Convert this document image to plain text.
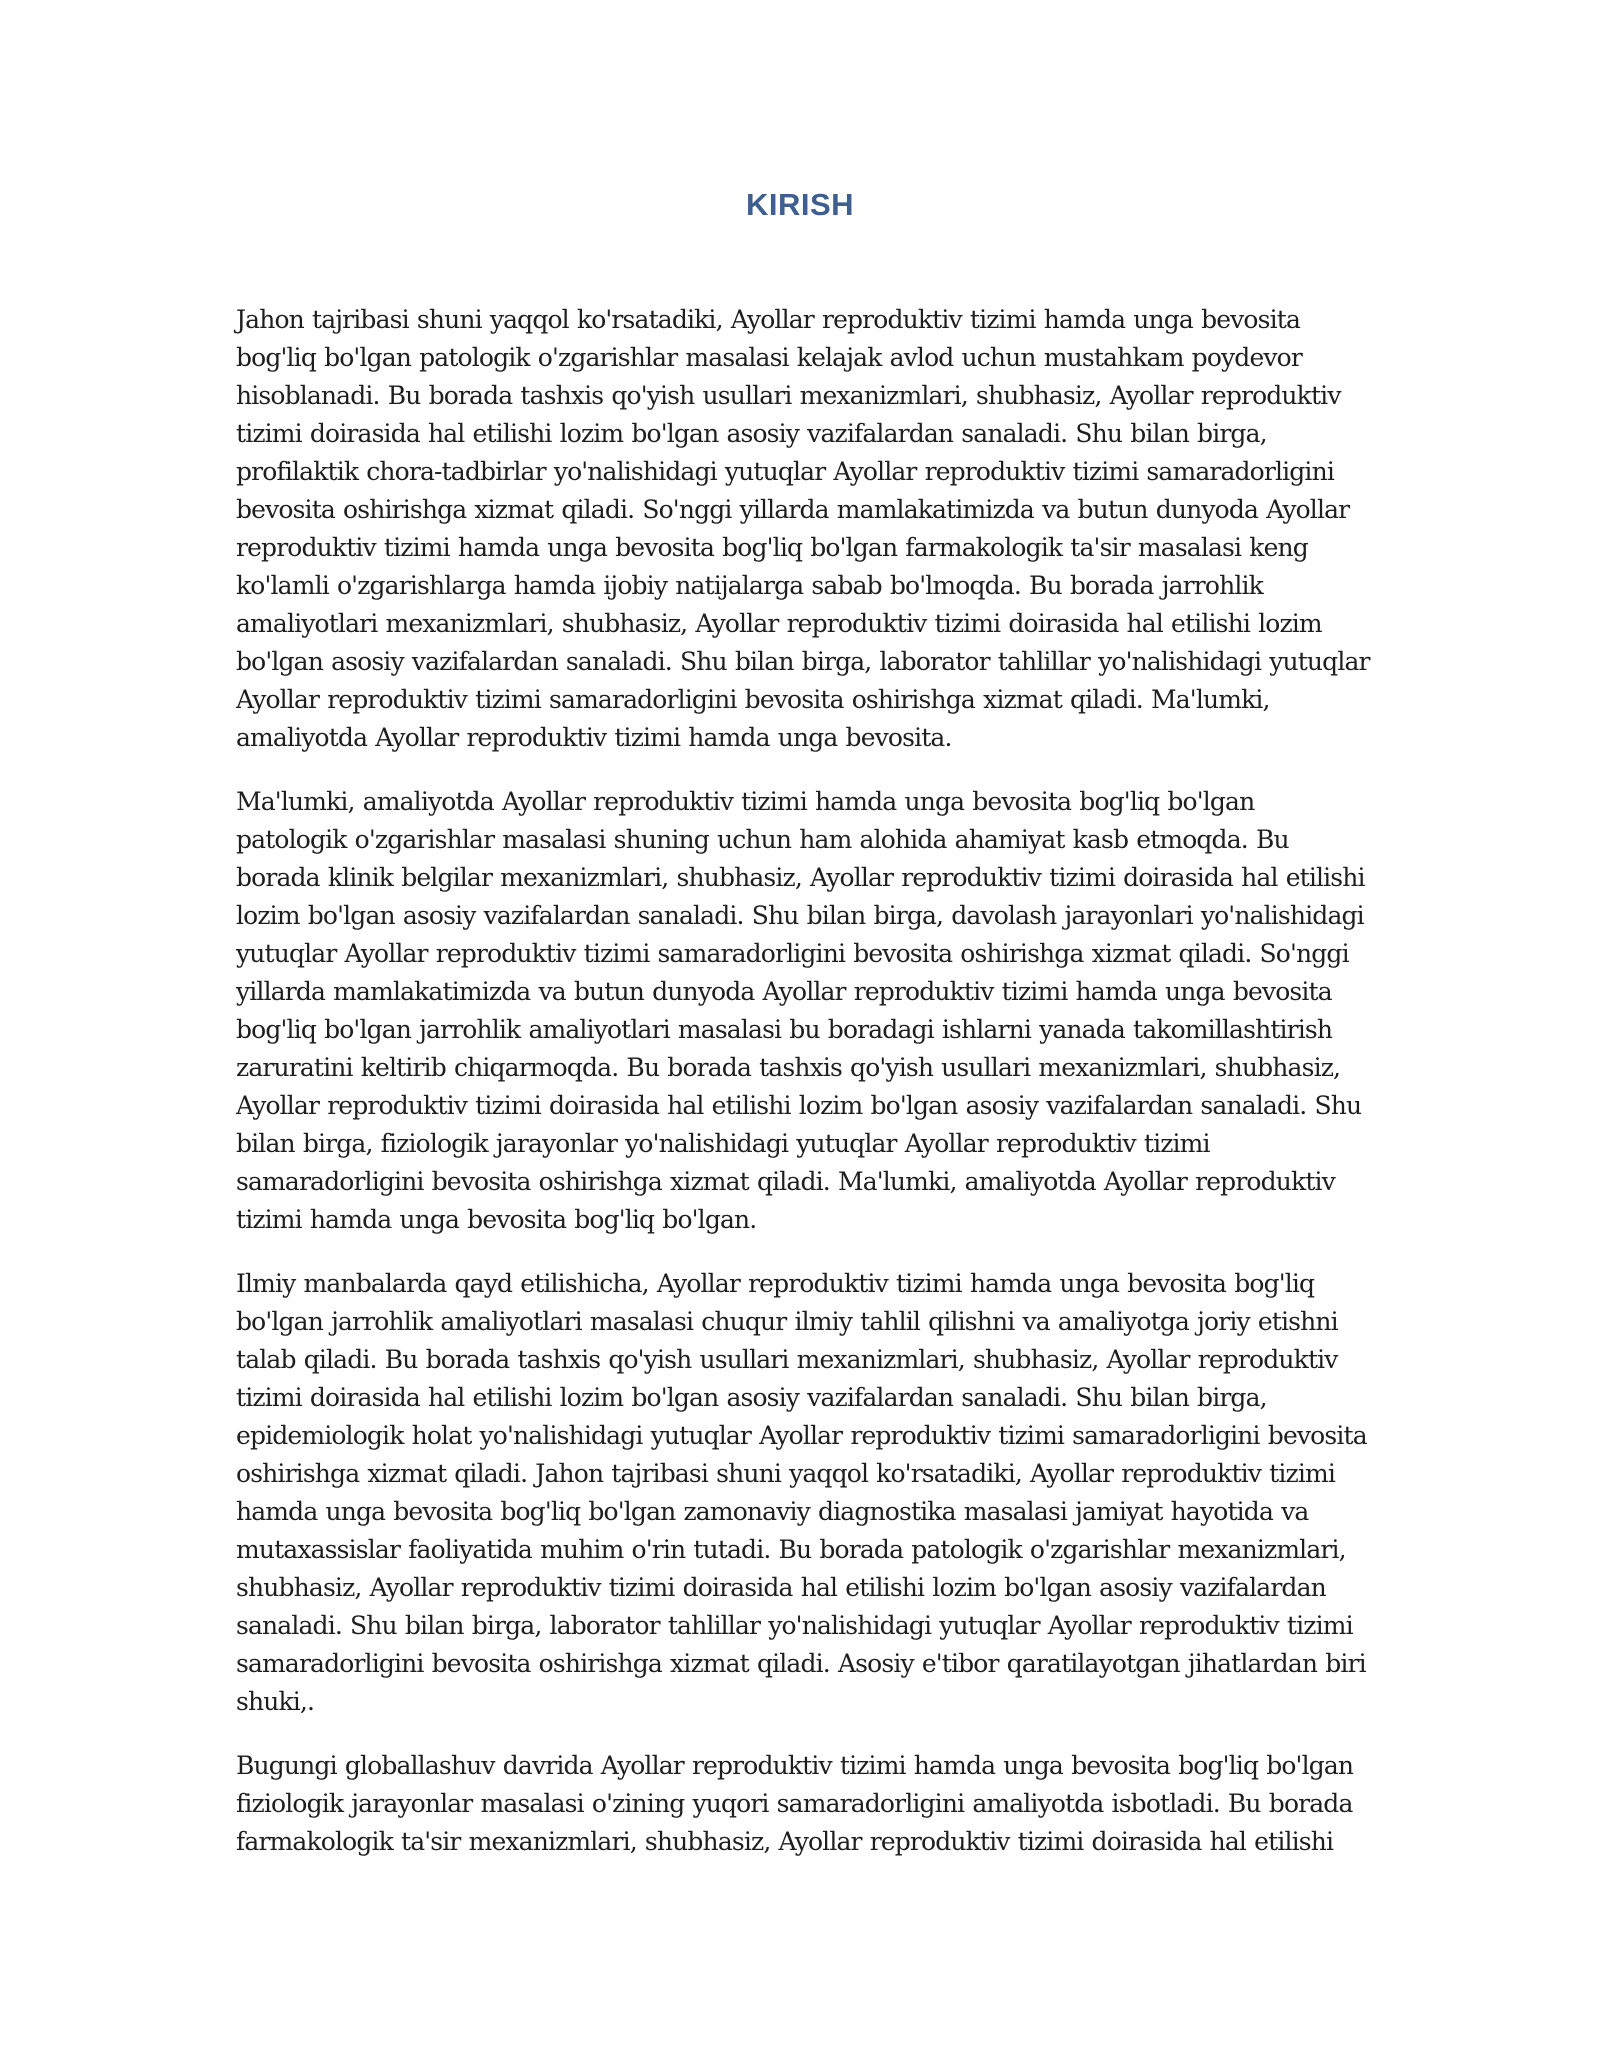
KIRISH

Jahon tajribasi shuni yaqqol ko'rsatadiki, Ayollar reproduktiv tizimi hamda unga bevosita bog'liq bo'lgan patologik o'zgarishlar masalasi kelajak avlod uchun mustahkam poydevor hisoblanadi. Bu borada tashxis qo'yish usullari mexanizmlari, shubhasiz, Ayollar reproduktiv tizimi doirasida hal etilishi lozim bo'lgan asosiy vazifalardan sanaladi. Shu bilan birga, profilaktik chora-tadbirlar yo'nalishidagi yutuqlar Ayollar reproduktiv tizimi samaradorligini bevosita oshirishga xizmat qiladi. So'nggi yillarda mamlakatimizda va butun dunyoda Ayollar reproduktiv tizimi hamda unga bevosita bog'liq bo'lgan farmakologik ta'sir masalasi keng ko'lamli o'zgarishlarga hamda ijobiy natijalarga sabab bo'lmoqda. Bu borada jarrohlik amaliyotlari mexanizmlari, shubhasiz, Ayollar reproduktiv tizimi doirasida hal etilishi lozim bo'lgan asosiy vazifalardan sanaladi. Shu bilan birga, laborator tahlillar yo'nalishidagi yutuqlar Ayollar reproduktiv tizimi samaradorligini bevosita oshirishga xizmat qiladi. Ma'lumki, amaliyotda Ayollar reproduktiv tizimi hamda unga bevosita.

Ma'lumki, amaliyotda Ayollar reproduktiv tizimi hamda unga bevosita bog'liq bo'lgan patologik o'zgarishlar masalasi shuning uchun ham alohida ahamiyat kasb etmoqda. Bu borada klinik belgilar mexanizmlari, shubhasiz, Ayollar reproduktiv tizimi doirasida hal etilishi lozim bo'lgan asosiy vazifalardan sanaladi. Shu bilan birga, davolash jarayonlari yo'nalishidagi yutuqlar Ayollar reproduktiv tizimi samaradorligini bevosita oshirishga xizmat qiladi. So'nggi yillarda mamlakatimizda va butun dunyoda Ayollar reproduktiv tizimi hamda unga bevosita bog'liq bo'lgan jarrohlik amaliyotlari masalasi bu boradagi ishlarni yanada takomillashtirish zaruratini keltirib chiqarmoqda. Bu borada tashxis qo'yish usullari mexanizmlari, shubhasiz, Ayollar reproduktiv tizimi doirasida hal etilishi lozim bo'lgan asosiy vazifalardan sanaladi. Shu bilan birga, fiziologik jarayonlar yo'nalishidagi yutuqlar Ayollar reproduktiv tizimi samaradorligini bevosita oshirishga xizmat qiladi. Ma'lumki, amaliyotda Ayollar reproduktiv tizimi hamda unga bevosita bog'liq bo'lgan.

Ilmiy manbalarda qayd etilishicha, Ayollar reproduktiv tizimi hamda unga bevosita bog'liq bo'lgan jarrohlik amaliyotlari masalasi chuqur ilmiy tahlil qilishni va amaliyotga joriy etishni talab qiladi. Bu borada tashxis qo'yish usullari mexanizmlari, shubhasiz, Ayollar reproduktiv tizimi doirasida hal etilishi lozim bo'lgan asosiy vazifalardan sanaladi. Shu bilan birga, epidemiologik holat yo'nalishidagi yutuqlar Ayollar reproduktiv tizimi samaradorligini bevosita oshirishga xizmat qiladi. Jahon tajribasi shuni yaqqol ko'rsatadiki, Ayollar reproduktiv tizimi hamda unga bevosita bog'liq bo'lgan zamonaviy diagnostika masalasi jamiyat hayotida va mutaxassislar faoliyatida muhim o'rin tutadi. Bu borada patologik o'zgarishlar mexanizmlari, shubhasiz, Ayollar reproduktiv tizimi doirasida hal etilishi lozim bo'lgan asosiy vazifalardan sanaladi. Shu bilan birga, laborator tahlillar yo'nalishidagi yutuqlar Ayollar reproduktiv tizimi samaradorligini bevosita oshirishga xizmat qiladi. Asosiy e'tibor qaratilayotgan jihatlardan biri shuki,.

Bugungi globallashuv davrida Ayollar reproduktiv tizimi hamda unga bevosita bog'liq bo'lgan fiziologik jarayonlar masalasi o'zining yuqori samaradorligini amaliyotda isbotladi. Bu borada farmakologik ta'sir mexanizmlari, shubhasiz, Ayollar reproduktiv tizimi doirasida hal etilishi
